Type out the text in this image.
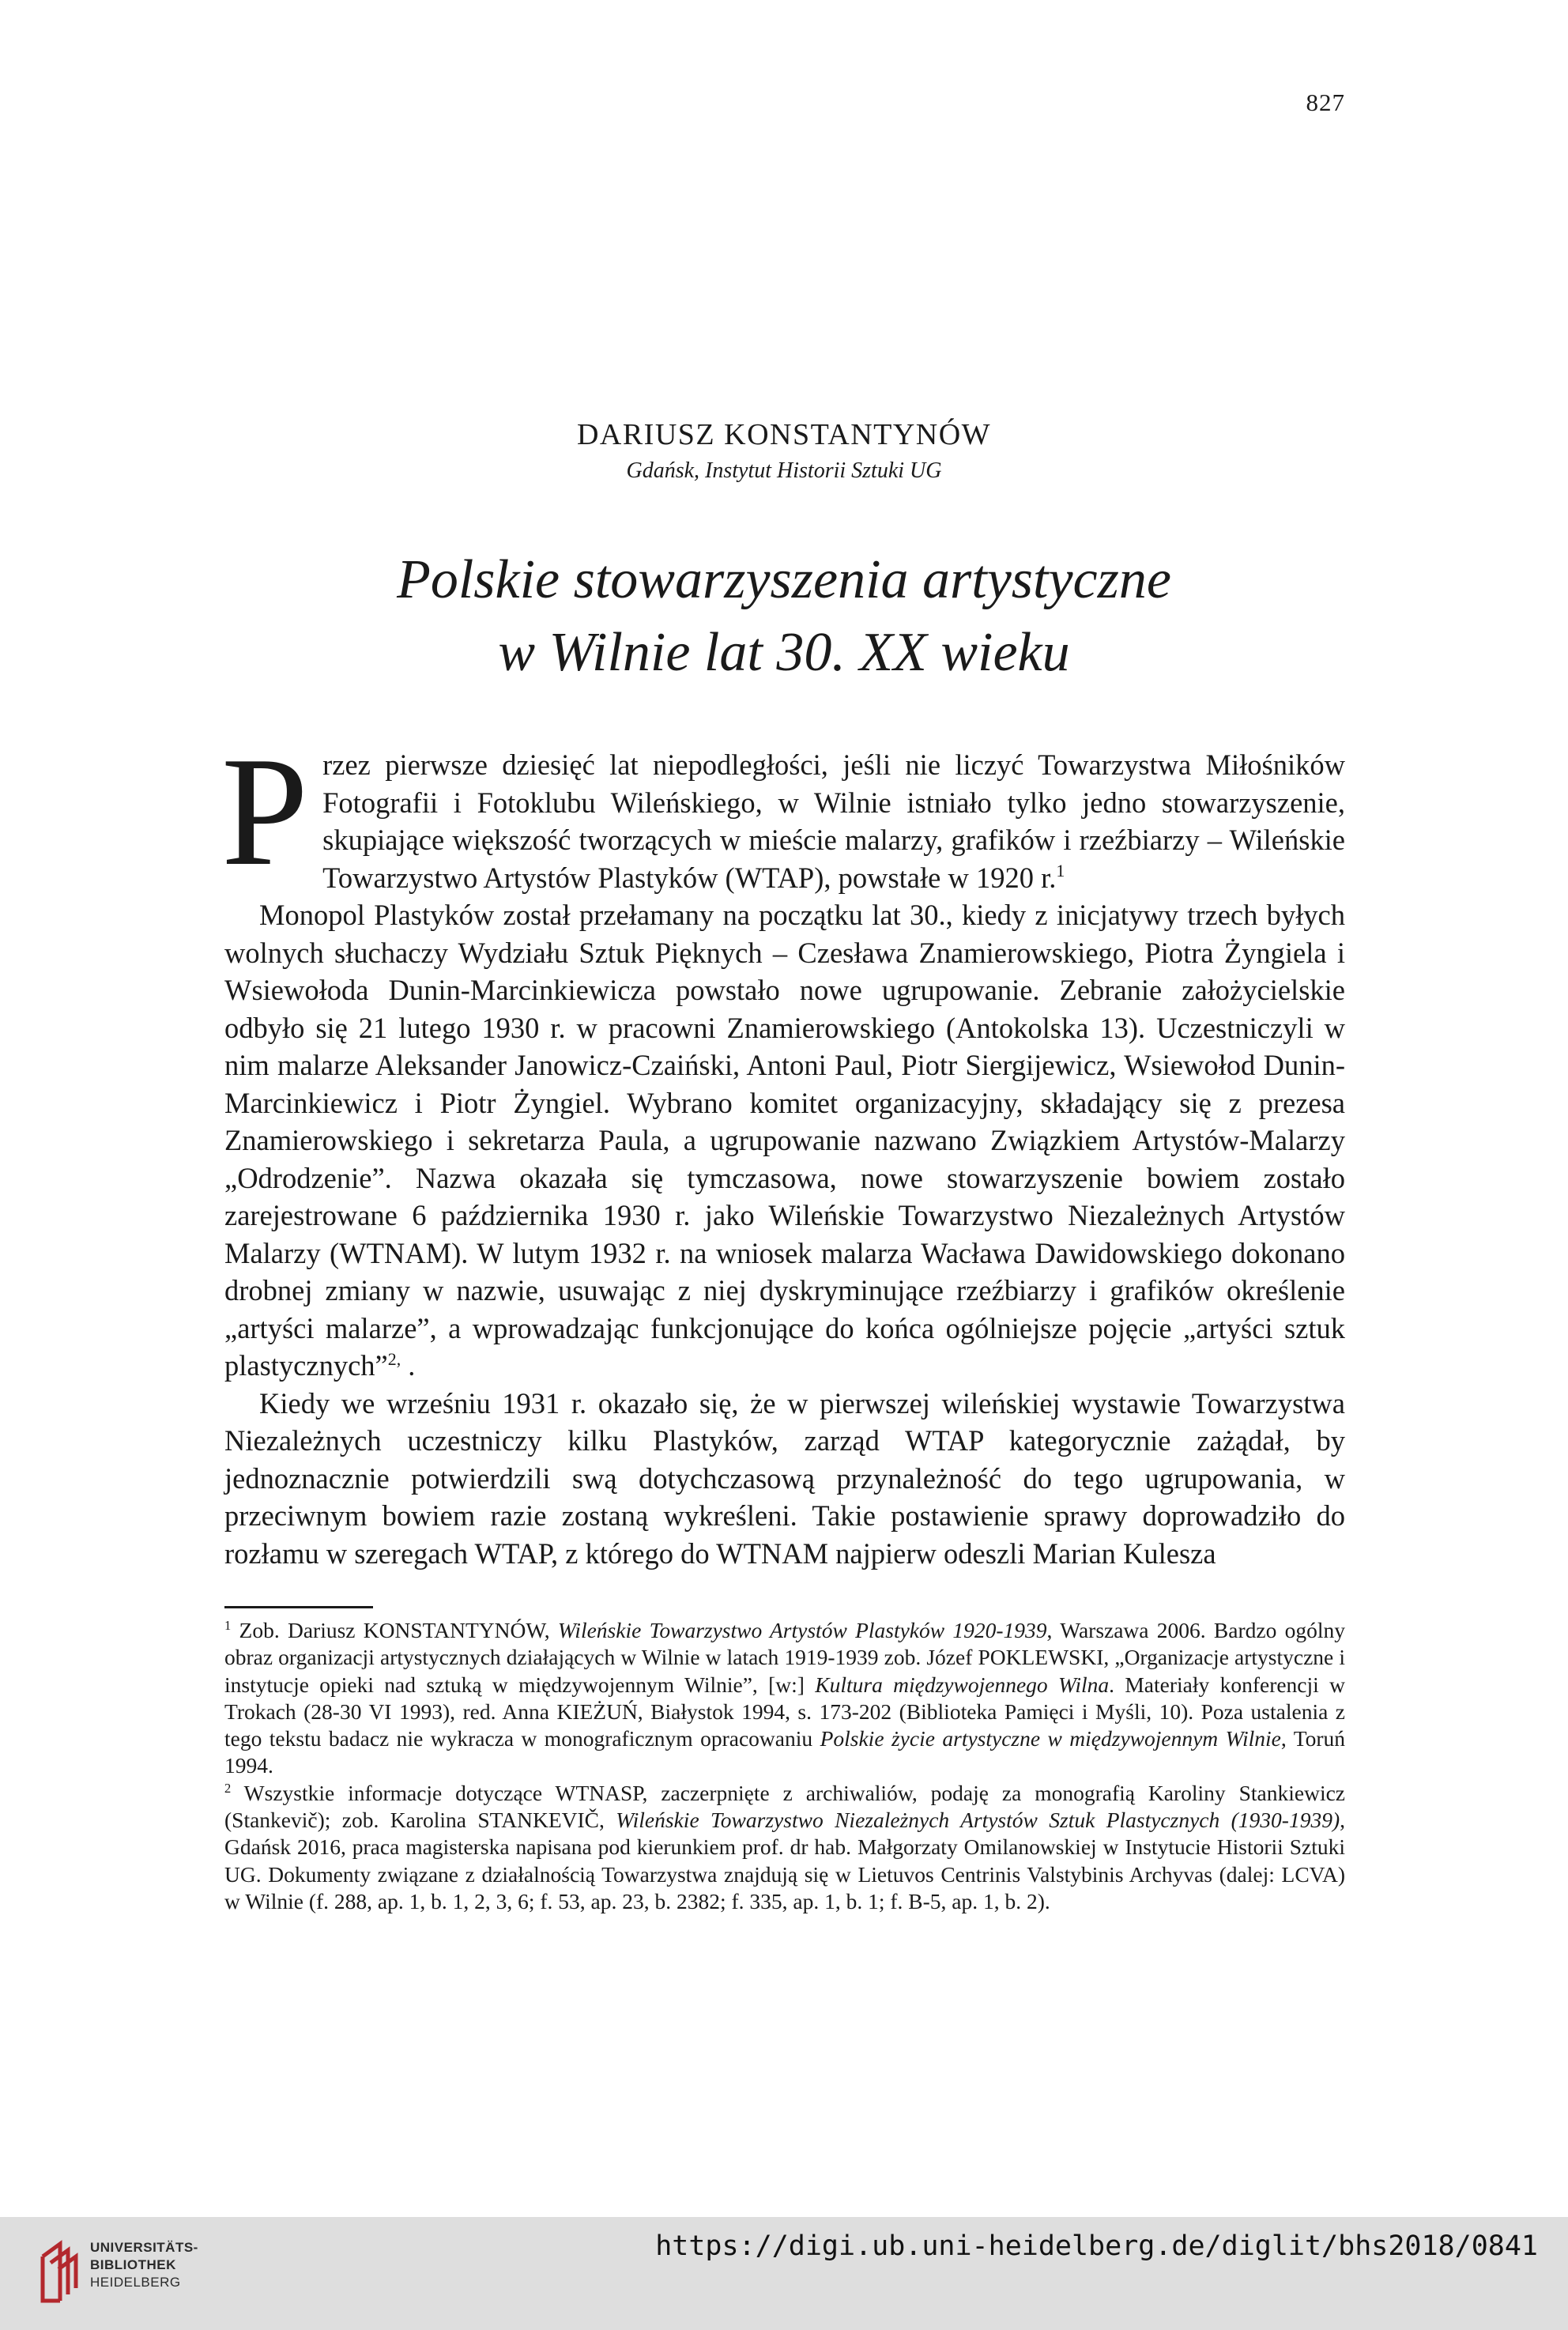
827
DARIUSZ KONSTANTYNÓW
Gdańsk, Instytut Historii Sztuki UG
Polskie stowarzyszenia artystyczne
w Wilnie lat 30. XX wieku

Przez pierwsze dziesięć lat niepodległości, jeśli nie liczyć Towarzystwa Miłośników Fotografii i Fotoklubu Wileńskiego, w Wilnie istniało tylko jedno stowarzyszenie, skupiające większość tworzących w mieście malarzy, grafików i rzeźbiarzy – Wileńskie Towarzystwo Artystów Plastyków (WTAP), powstałe w 1920 r.$^1$

Monopol Plastyków został przełamany na początku lat 30., kiedy z inicjatywy trzech byłych wolnych słuchaczy Wydziału Sztuk Pięknych – Czesława Znamierowskiego, Piotra Żyngiela i Wsiewołoda Dunin-Marcinkiewicza powstało nowe ugrupowanie. Zebranie założycielskie odbyło się 21 lutego 1930 r. w pracowni Znamierowskiego (Antokolska 13). Uczestniczyli w nim malarze Aleksander Janowicz-Czaiński, Antoni Paul, Piotr Siergijewicz, Wsiewołod Dunin-Marcinkiewicz i Piotr Żyngiel. Wybrano komitet organizacyjny, składający się z prezesa Znamierowskiego i sekretarza Paula, a ugrupowanie nazwano Związkiem Artystów-Malarzy „Odrodzenie”. Nazwa okazała się tymczasowa, nowe stowarzyszenie bowiem zostało zarejestrowane 6 października 1930 r. jako Wileńskie Towarzystwo Niezależnych Artystów Malarzy (WTNAM). W lutym 1932 r. na wniosek malarza Wacława Dawidowskiego dokonano drobnej zmiany w nazwie, usuwając z niej dyskryminujące rzeźbiarzy i grafików określenie „artyści malarze”, a wprowadzając funkcjonujące do końca ogólniejsze pojęcie „artyści sztuk plastycznych”$^{2,}$ .

Kiedy we wrześniu 1931 r. okazało się, że w pierwszej wileńskiej wystawie Towarzystwa Niezależnych uczestniczy kilku Plastyków, zarząd WTAP kategorycznie zażądał, by jednoznacznie potwierdzili swą dotychczasową przynależność do tego ugrupowania, w przeciwnym bowiem razie zostaną wykreśleni. Takie postawienie sprawy doprowadziło do rozłamu w szeregach WTAP, z którego do WTNAM najpierw odeszli Marian Kulesza

$^1$ Zob. Dariusz KONSTANTYNÓW, Wileńskie Towarzystwo Artystów Plastyków 1920-1939, Warszawa 2006. Bardzo ogólny obraz organizacji artystycznych działających w Wilnie w latach 1919-1939 zob. Józef POKLEWSKI, „Organizacje artystyczne i instytucje opieki nad sztuką w międzywojennym Wilnie”, [w:] Kultura międzywojennego Wilna. Materiały konferencji w Trokach (28-30 VI 1993), red. Anna KIEŻUŃ, Białystok 1994, s. 173-202 (Biblioteka Pamięci i Myśli, 10). Poza ustalenia z tego tekstu badacz nie wykracza w monograficznym opracowaniu Polskie życie artystyczne w międzywojennym Wilnie, Toruń 1994.

$^2$ Wszystkie informacje dotyczące WTNASP, zaczerpnięte z archiwaliów, podaję za monografią Karoliny Stankiewicz (Stankevič); zob. Karolina STANKEVIČ, Wileńskie Towarzystwo Niezależnych Artystów Sztuk Plastycznych (1930-1939), Gdańsk 2016, praca magisterska napisana pod kierunkiem prof. dr hab. Małgorzaty Omilanowskiej w Instytucie Historii Sztuki UG. Dokumenty związane z działalnością Towarzystwa znajdują się w Lietuvos Centrinis Valstybinis Archyvas (dalej: LCVA) w Wilnie (f. 288, ap. 1, b. 1, 2, 3, 6; f. 53, ap. 23, b. 2382; f. 335, ap. 1, b. 1; f. B-5, ap. 1, b. 2).

UNIVERSITÄTS-
BIBLIOTHEK
HEIDELBERG
https://digi.ub.uni-heidelberg.de/diglit/bhs2018/0841
